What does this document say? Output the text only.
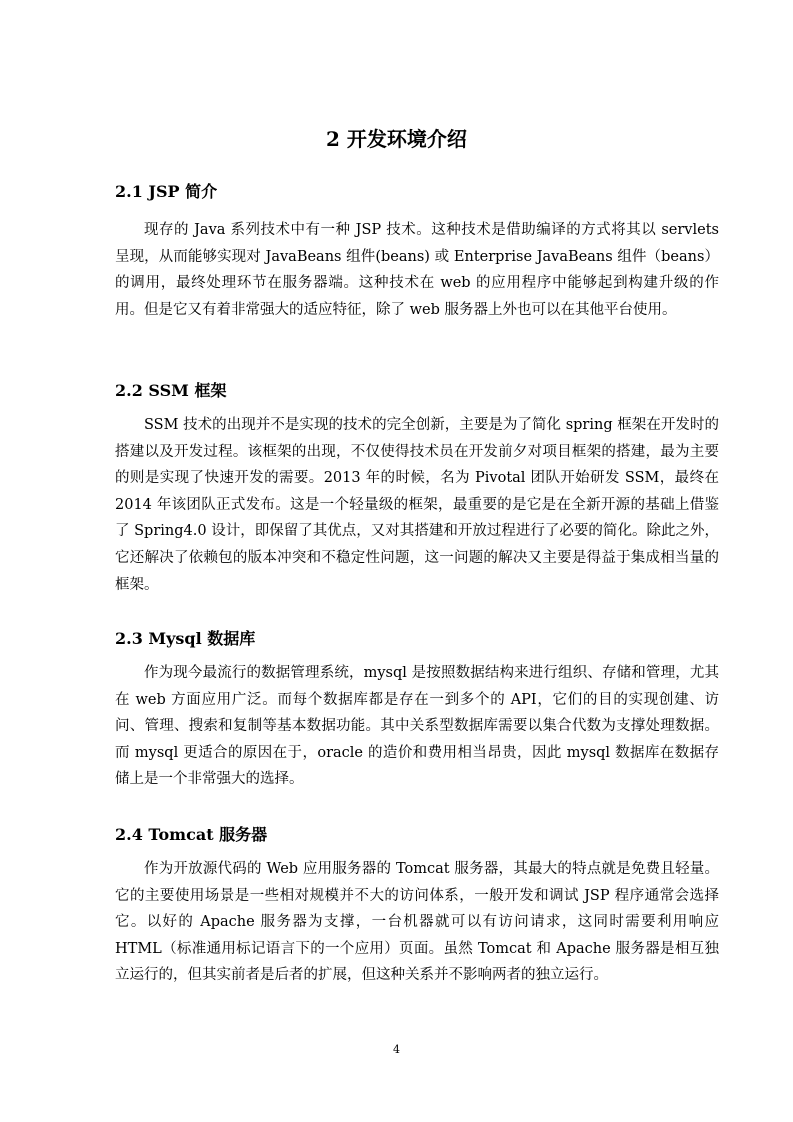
2 开发环境介绍
2.1 JSP 简介

现存的 Java 系列技术中有一种 JSP 技术。这种技术是借助编译的方式将其以 servlets 呈现，从而能够实现对 JavaBeans 组件(beans) 或 Enterprise JavaBeans 组件（beans）的调用，最终处理环节在服务器端。这种技术在 web 的应用程序中能够起到构建升级的作用。但是它又有着非常强大的适应特征，除了 web 服务器上外也可以在其他平台使用。

2.2 SSM 框架

SSM 技术的出现并不是实现的技术的完全创新，主要是为了简化 spring 框架在开发时的搭建以及开发过程。该框架的出现，不仅使得技术员在开发前夕对项目框架的搭建，最为主要的则是实现了快速开发的需要。2013 年的时候，名为 Pivotal 团队开始研发 SSM，最终在 2014 年该团队正式发布。这是一个轻量级的框架，最重要的是它是在全新开源的基础上借鉴了 Spring4.0 设计，即保留了其优点，又对其搭建和开放过程进行了必要的简化。除此之外，它还解决了依赖包的版本冲突和不稳定性问题，这一问题的解决又主要是得益于集成相当量的框架。

2.3 Mysql 数据库

作为现今最流行的数据管理系统，mysql 是按照数据结构来进行组织、存储和管理，尤其在 web 方面应用广泛。而每个数据库都是存在一到多个的 API，它们的目的实现创建、访问、管理、搜索和复制等基本数据功能。其中关系型数据库需要以集合代数为支撑处理数据。而 mysql 更适合的原因在于，oracle 的造价和费用相当昂贵，因此 mysql 数据库在数据存储上是一个非常强大的选择。

2.4 Tomcat 服务器

作为开放源代码的 Web 应用服务器的 Tomcat 服务器，其最大的特点就是免费且轻量。它的主要使用场景是一些相对规模并不大的访问体系，一般开发和调试 JSP 程序通常会选择它。以好的 Apache 服务器为支撑，一台机器就可以有访问请求，这同时需要利用响应 HTML（标准通用标记语言下的一个应用）页面。虽然 Tomcat 和 Apache 服务器是相互独立运行的，但其实前者是后者的扩展，但这种关系并不影响两者的独立运行。

4
